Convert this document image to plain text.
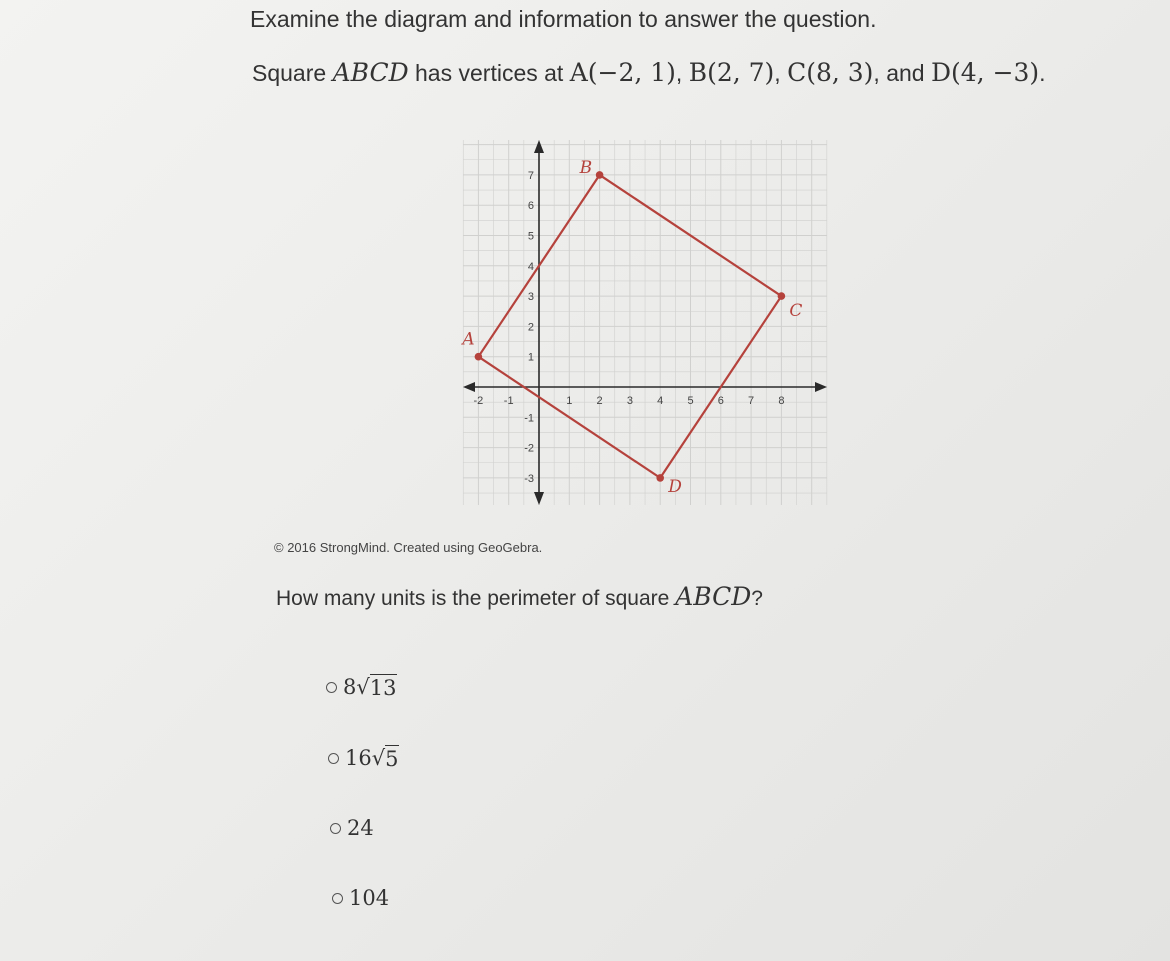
Examine the diagram and information to answer the question.
Square ABCD has vertices at A(−2, 1), B(2, 7), C(8, 3), and D(4, −3).
-2 -1	1 2 3 4 5 6 7 8
7
6
5
4
3
2
1
-1
-2
-3
A
B
C
D
© 2016 StrongMind. Created using GeoGebra.
How many units is the perimeter of square ABCD?
8 √ 13
16 √ 5
24
104
